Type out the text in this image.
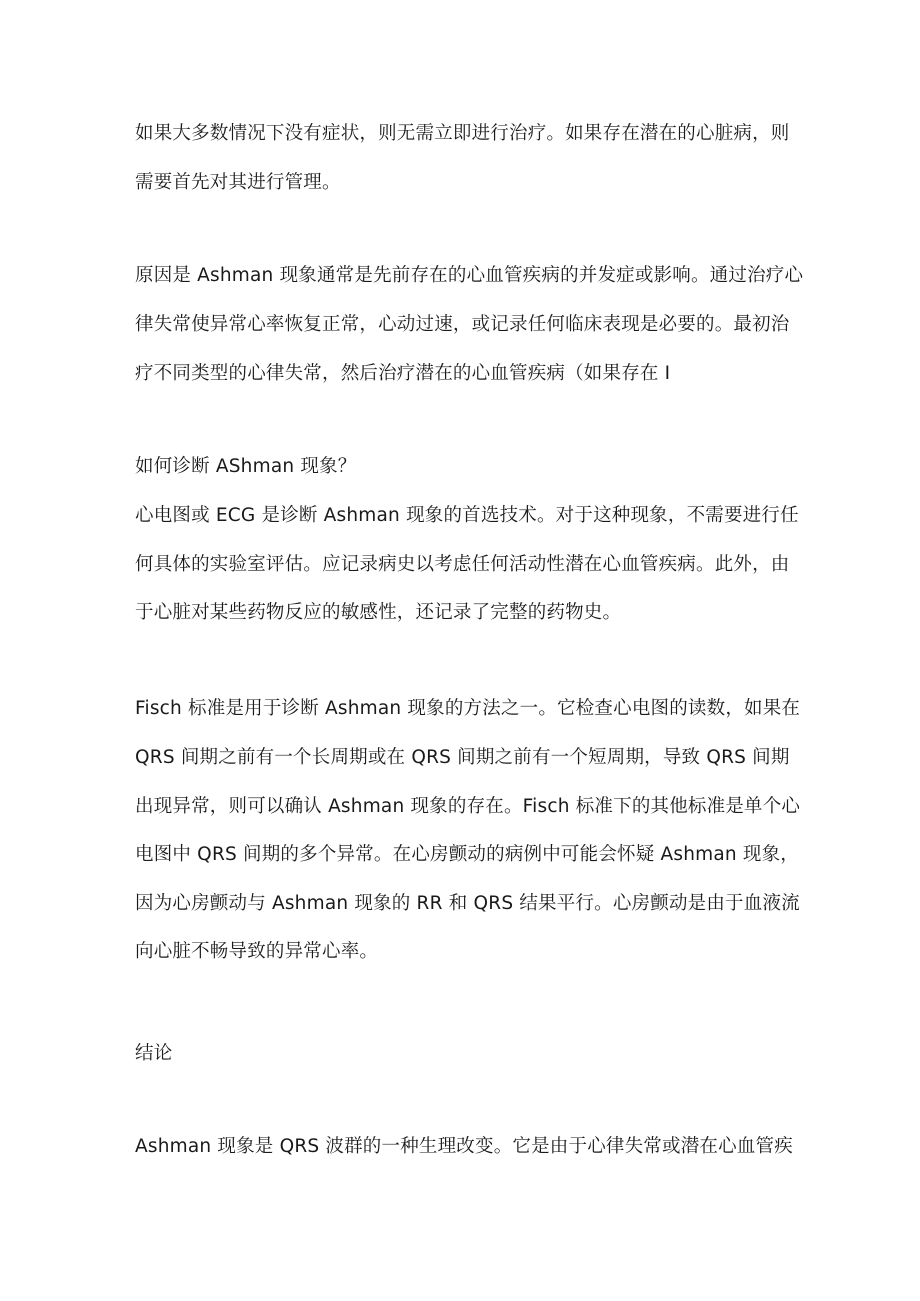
如果大多数情况下没有症状，则无需立即进行治疗。如果存在潜在的心脏病，则
需要首先对其进行管理。
原因是 Ashman 现象通常是先前存在的心血管疾病的并发症或影响。通过治疗心
律失常使异常心率恢复正常，心动过速，或记录任何临床表现是必要的。最初治
疗不同类型的心律失常，然后治疗潜在的心血管疾病（如果存在 I
如何诊断 AShman 现象？
心电图或 ECG 是诊断 Ashman 现象的首选技术。对于这种现象，不需要进行任
何具体的实验室评估。应记录病史以考虑任何活动性潜在心血管疾病。此外，由
于心脏对某些药物反应的敏感性，还记录了完整的药物史。
Fisch 标准是用于诊断 Ashman 现象的方法之一。它检查心电图的读数，如果在
QRS 间期之前有一个长周期或在 QRS 间期之前有一个短周期，导致 QRS 间期
出现异常，则可以确认 Ashman 现象的存在。Fisch 标准下的其他标准是单个心
电图中 QRS 间期的多个异常。在心房颤动的病例中可能会怀疑 Ashman 现象，
因为心房颤动与 Ashman 现象的 RR 和 QRS 结果平行。心房颤动是由于血液流
向心脏不畅导致的异常心率。
结论
Ashman 现象是 QRS 波群的一种生理改变。它是由于心律失常或潜在心血管疾
